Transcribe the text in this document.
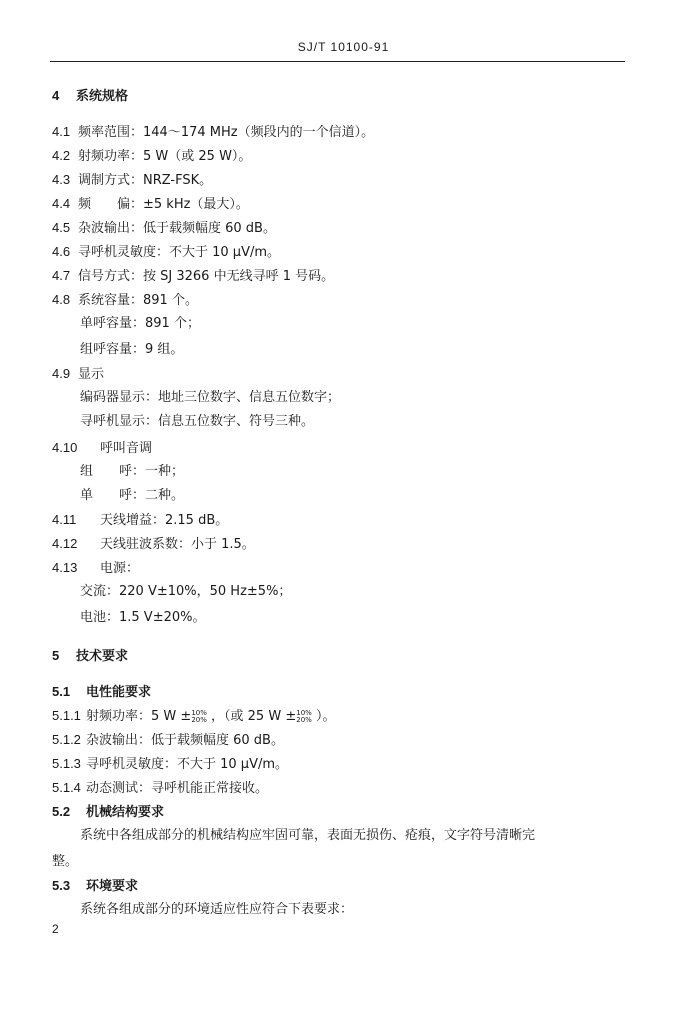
SJ/T 10100-91
4 系统规格
4.1 频率范围：144～174 MHz（频段内的一个信道）。
4.2 射频功率：5 W（或 25 W）。
4.3 调制方式：NRZ-FSK。
4.4 频　　偏：±5 kHz（最大）。
4.5 杂波输出：低于载频幅度 60 dB。
4.6 寻呼机灵敏度：不大于 10 μV/m。
4.7 信号方式：按 SJ 3266 中无线寻呼 1 号码。
4.8 系统容量：891 个。
单呼容量：891 个；
组呼容量：9 组。
4.9 显示
编码器显示：地址三位数字、信息五位数字；
寻呼机显示：信息五位数字、符号三种。
4.10 呼叫音调
组　　呼：一种；
单　　呼：二种。
4.11 天线增益：2.15 dB。
4.12 天线驻波系数：小于 1.5。
4.13 电源：
交流：220 V±10%，50 Hz±5%；
电池：1.5 V±20%。
5 技术要求
5.1 电性能要求
5.1.1 射频功率：5 W ± 10%
20% ，（或 25 W ± 10%
20% ）。
5.1.2 杂波输出：低于载频幅度 60 dB。
5.1.3 寻呼机灵敏度：不大于 10 μV/m。
5.1.4 动态测试：寻呼机能正常接收。
5.2 机械结构要求
系统中各组成部分的机械结构应牢固可靠，表面无损伤、疮痕，文字符号清晰完
整。
5.3 环境要求
系统各组成部分的环境适应性应符合下表要求：
2
